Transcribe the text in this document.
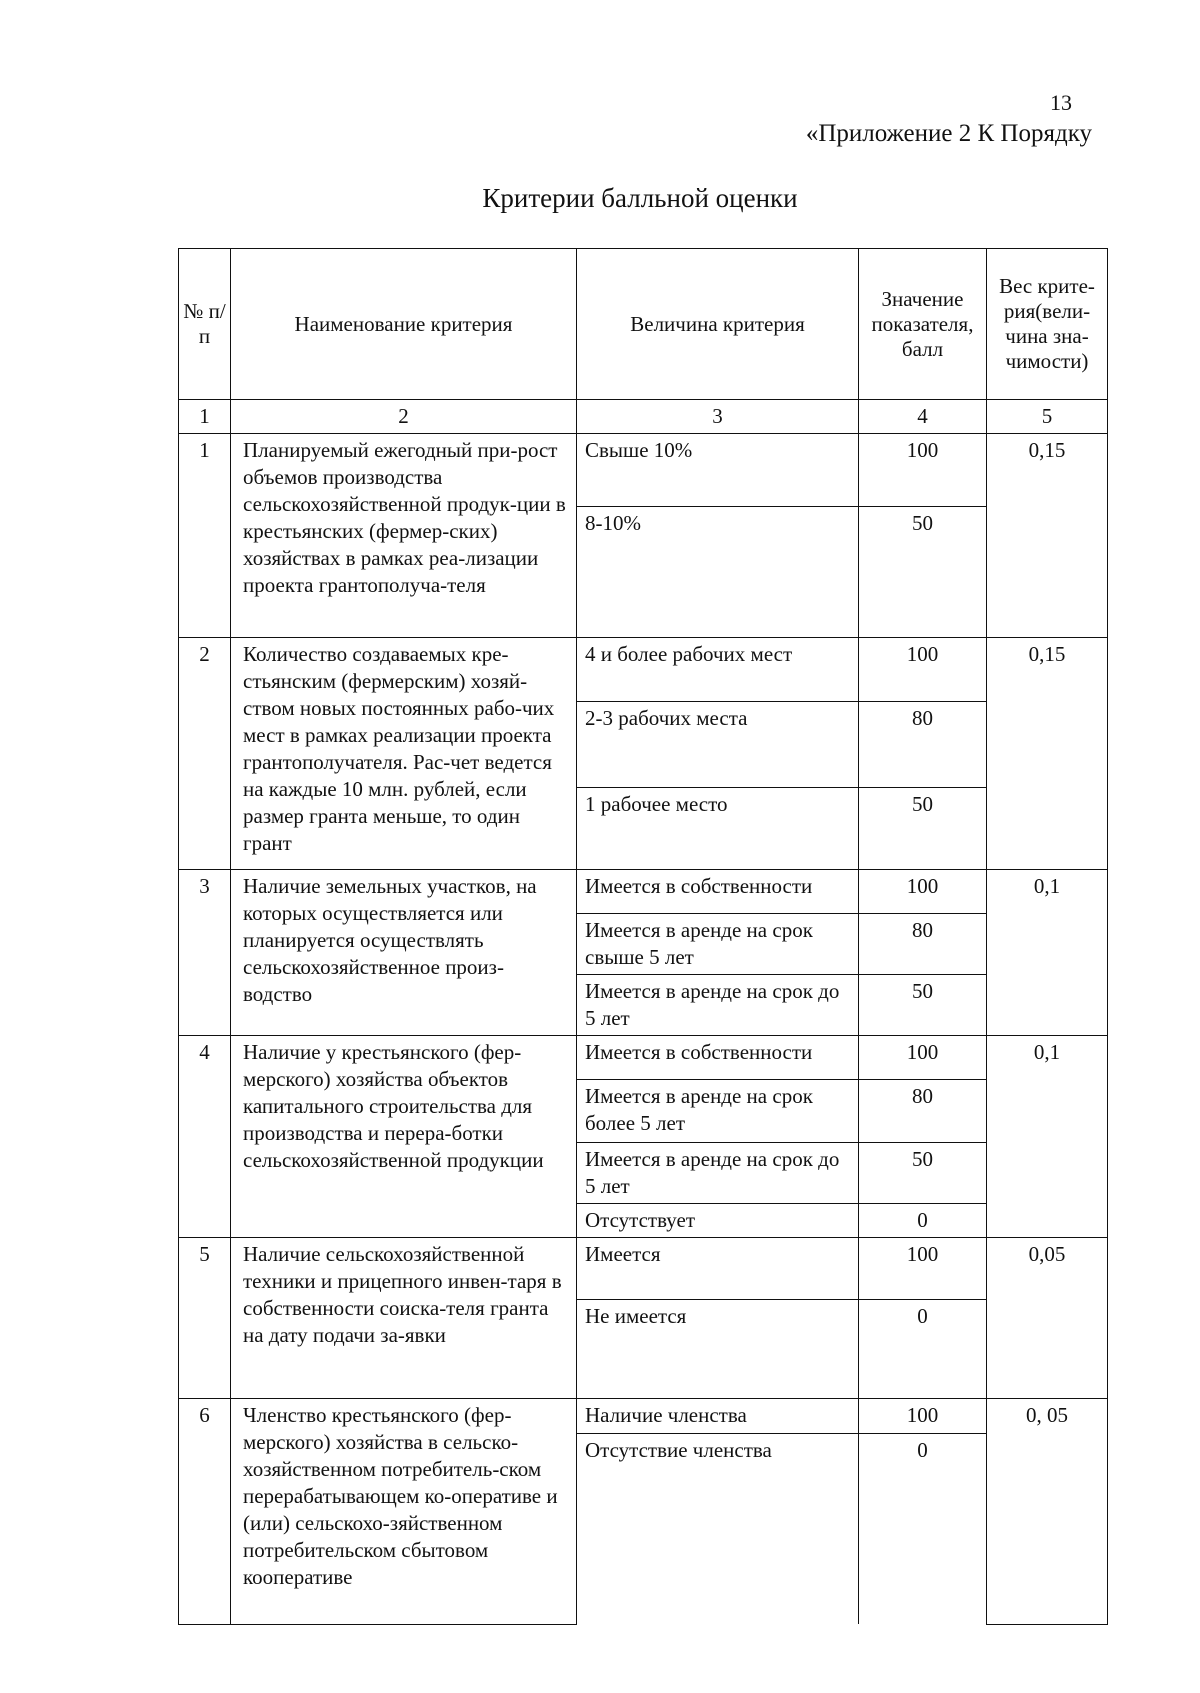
13
«Приложение 2 К Порядку
Критерии балльной оценки
№ п/п	Наименование критерия	Величина критерия	Значение показателя, балл	Вес крите-рия(вели-чина зна-чимости)
1	2	3	4	5
1	Планируемый ежегодный при-рост объемов производства сельскохозяйственной продук-ции в крестьянских (фермер-ских) хозяйствах в рамках реа-лизации проекта грантополуча-теля	Свыше 10%	100	0,15
		8-10%	50	
2	Количество создаваемых кре-стьянским (фермерским) хозяй-ством новых постоянных рабо-чих мест в рамках реализации проекта грантополучателя. Рас-чет ведется на каждые 10 млн. рублей, если размер гранта меньше, то один грант	4 и более рабочих мест	100	0,15
		2-3 рабочих места	80	
		1 рабочее место	50	
3	Наличие земельных участков, на которых осуществляется или планируется осуществлять сельскохозяйственное произ-водство	Имеется в собственности	100	0,1
		Имеется в аренде на срок свыше 5 лет	80	
		Имеется в аренде на срок до 5 лет	50	
4	Наличие у крестьянского (фер-мерского) хозяйства объектов капитального строительства для производства и перера-ботки сельскохозяйственной продукции	Имеется в собственности	100	0,1
		Имеется в аренде на срок более 5 лет	80	
		Имеется в аренде на срок до 5 лет	50	
		Отсутствует	0	
5	Наличие сельскохозяйственной техники и прицепного инвен-таря в собственности соиска-теля гранта на дату подачи за-явки	Имеется	100	0,05
		Не имеется	0	
6	Членство крестьянского (фер-мерского) хозяйства в сельско-хозяйственном потребитель-ском перерабатывающем ко-оперативе и (или) сельскохо-зяйственном потребительском сбытовом кооперативе	Наличие членства	100	0, 05
		Отсутствие членства	0	
